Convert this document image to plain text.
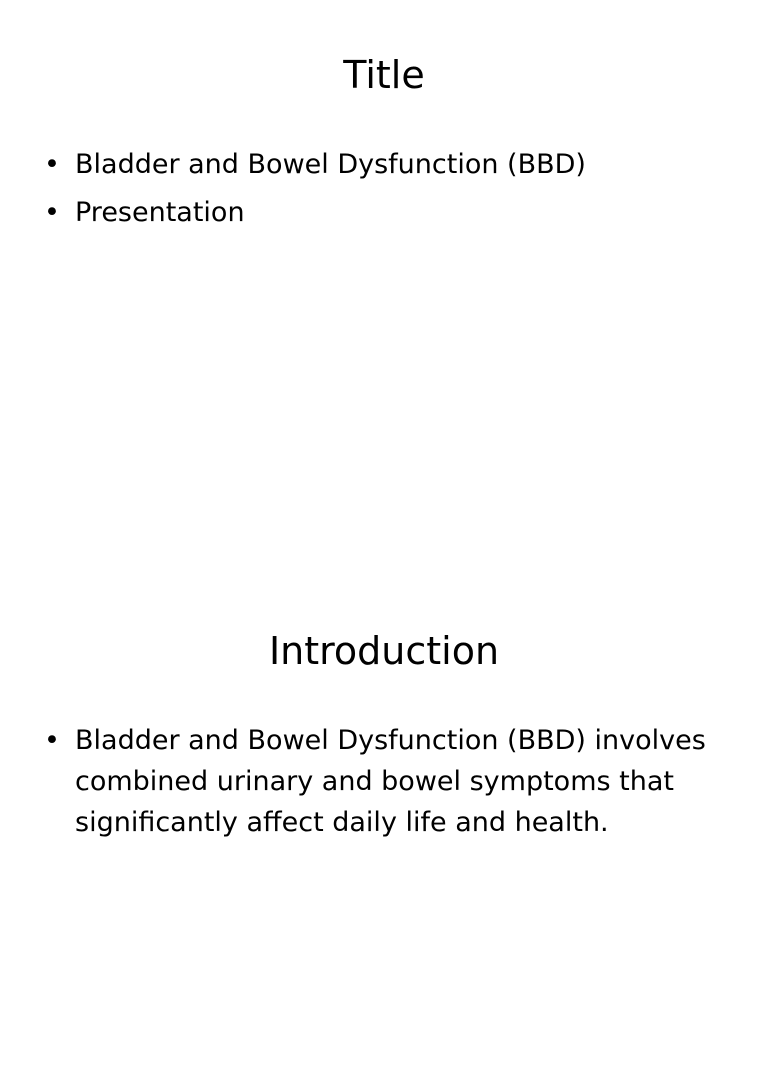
Title
• Bladder and Bowel Dysfunction (BBD)
• Presentation
Introduction
• Bladder and Bowel Dysfunction (BBD) involves combined urinary and bowel symptoms that significantly affect daily life and health.
